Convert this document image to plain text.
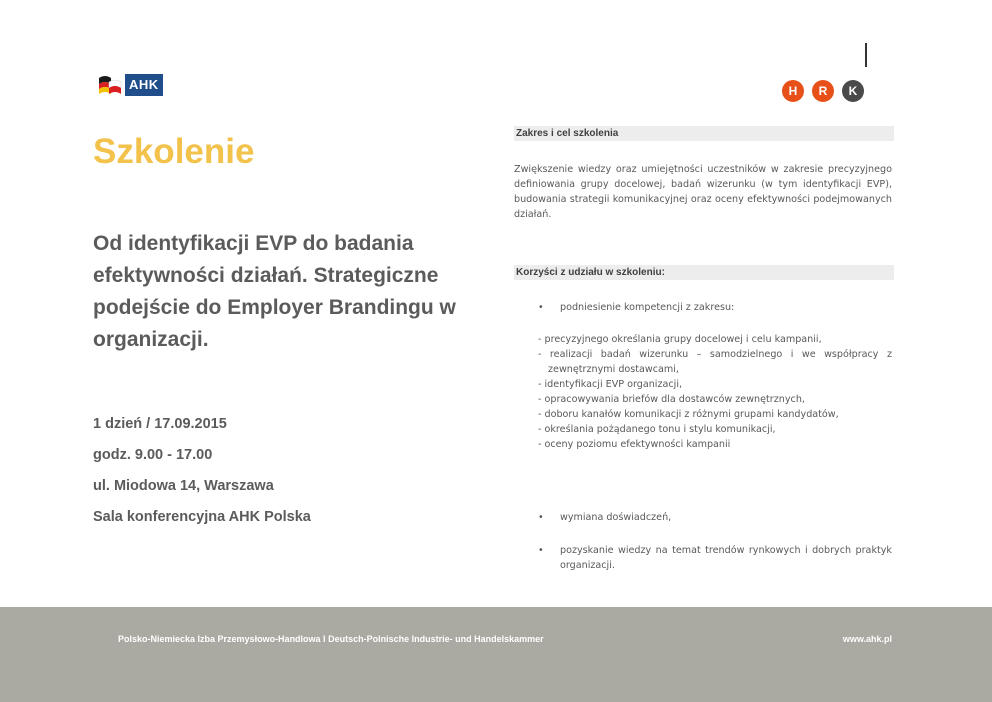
AHK	H	R	K
Szkolenie
Od identyfikacji EVP do badania efektywności działań. Strategiczne podejście do Employer Brandingu w organizacji.
1 dzień / 17.09.2015
godz. 9.00 - 17.00
ul. Miodowa 14, Warszawa
Sala konferencyjna AHK Polska
Zakres i cel szkolenia

Zwiększenie wiedzy oraz umiejętności uczestników w zakresie precyzyjnego definiowania grupy docelowej, badań wizerunku (w tym identyfikacji EVP), budowania strategii komunikacyjnej oraz oceny efektywności podejmowanych działań.

Korzyści z udziału w szkoleniu:
•	podniesienie kompetencji z zakresu:
- precyzyjnego określania grupy docelowej i celu kampanii,
- realizacji badań wizerunku – samodzielnego i we współpracy z zewnętrznymi dostawcami,
- identyfikacji EVP organizacji,
- opracowywania briefów dla dostawców zewnętrznych,
- doboru kanałów komunikacji z różnymi grupami kandydatów,
- określania pożądanego tonu i stylu komunikacji,
- oceny poziomu efektywności kampanii
•	wymiana doświadczeń,
•	pozyskanie wiedzy na temat trendów rynkowych i dobrych praktyk organizacji.
Polsko-Niemiecka Izba Przemysłowo-Handlowa I Deutsch-Polnische Industrie- und Handelskammer	www.ahk.pl
